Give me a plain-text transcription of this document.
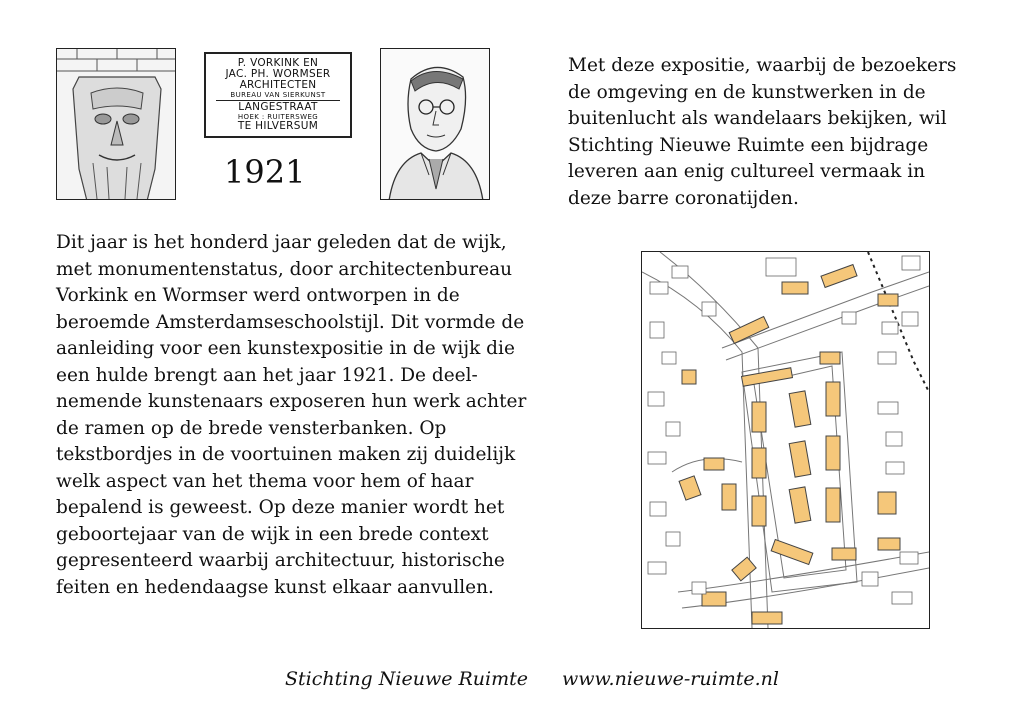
P. VORKINK EN
JAC. PH. WORMSER
ARCHITECTEN
BUREAU VAN SIERKUNST
LANGESTRAAT
HOEK : RUITERSWEG
TE HILVERSUM
1921
Met deze expositie, waarbij de bezoekers
de omgeving en de kunstwerken in de
buitenlucht als wandelaars bekijken, wil
Stichting Nieuwe Ruimte een bijdrage
leveren aan enig cultureel vermaak in
deze barre coronatijden.
Dit jaar is het honderd jaar geleden dat de wijk,
met monumentenstatus, door architectenbureau
Vorkink en Wormser werd ontworpen in de
beroemde Amsterdamseschoolstijl. Dit vormde de
aanleiding voor een kunstexpositie in de wijk die
een hulde brengt aan het jaar 1921. De deel-
nemende kunstenaars exposeren hun werk achter
de ramen op de brede vensterbanken. Op
tekstbordjes in de voortuinen maken zij duidelijk
welk aspect van het thema voor hem of haar
bepalend is geweest. Op deze manier wordt het
geboortejaar van de wijk in een brede context
gepresenteerd waarbij architectuur, historische
feiten en hedendaagse kunst elkaar aanvullen.
Stichting Nieuwe Ruimte www.nieuwe-ruimte.nl
